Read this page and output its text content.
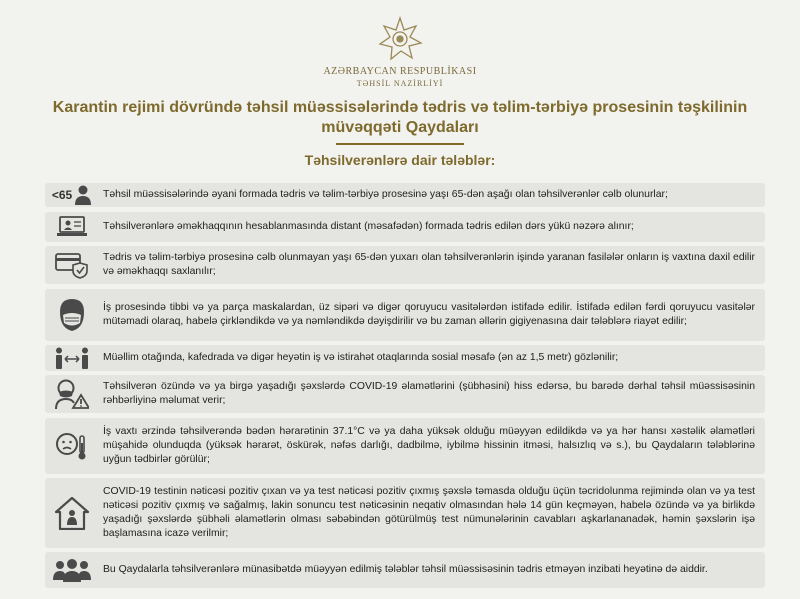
AZƏRBAYCAN RESPUBLİKASI
TƏHSİL NAZİRLİYİ
Karantin rejimi dövründə təhsil müəssisələrində tədris və təlim-tərbiyə prosesinin təşkilinin müvəqqəti Qaydaları
Təhsilverənlərə dair tələblər:
<65	Təhsil müəssisələrində əyani formada tədris və təlim-tərbiyə prosesinə yaşı 65-dən aşağı olan təhsilverənlər cəlb olunurlar;
Təhsilverənlərə əməkhaqqının hesablanmasında distant (məsafədən) formada tədris edilən dərs yükü nəzərə alınır;
Tədris və təlim-tərbiyə prosesinə cəlb olunmayan yaşı 65-dən yuxarı olan təhsilverənlərin işində yaranan fasilələr onların iş vaxtına daxil edilir və əməkhaqqı saxlanılır;
İş prosesində tibbi və ya parça maskalardan, üz sipəri və digər qoruyucu vasitələrdən istifadə edilir. İstifadə edilən fərdi qoruyucu vasitələr mütəmadi olaraq, habelə çirkləndikdə və ya nəmləndikdə dəyişdirilir və bu zaman əllərin gigiyenasına dair tələblərə riayət edilir;
Müəllim otağında, kafedrada və digər heyətin iş və istirahət otaqlarında sosial məsafə (ən az 1,5 metr) gözlənilir;
Təhsilverən özündə və ya birgə yaşadığı şəxslərdə COVID-19 əlamətlərini (şübhəsini) hiss edərsə, bu barədə dərhal təhsil müəssisəsinin rəhbərliyinə məlumat verir;
İş vaxtı ərzində təhsilverəndə bədən hərarətinin 37.1°C və ya daha yüksək olduğu müəyyən edildikdə və ya hər hansı xəstəlik əlamətləri müşahidə olunduqda (yüksək hərarət, öskürək, nəfəs darlığı, dadbilmə, iybilmə hissinin itməsi, halsızlıq və s.), bu Qaydaların tələblərinə uyğun tədbirlər görülür;
COVID-19 testinin nəticəsi pozitiv çıxan və ya test nəticəsi pozitiv çıxmış şəxslə təmasda olduğu üçün təcridolunma rejimində olan və ya test nəticəsi pozitiv çıxmış və sağalmış, lakin sonuncu test nəticəsinin neqativ olmasından hələ 14 gün keçməyən, habelə özündə və ya birlikdə yaşadığı şəxslərdə şübhəli əlamətlərin olması səbəbindən götürülmüş test nümunələrinin cavabları aşkarlananadək, həmin şəxslərin işə başlamasına icazə verilmir;
Bu Qaydalarla təhsilverənlərə münasibətdə müəyyən edilmiş tələblər təhsil müəssisəsinin tədris etməyən inzibati heyətinə də aiddir.
